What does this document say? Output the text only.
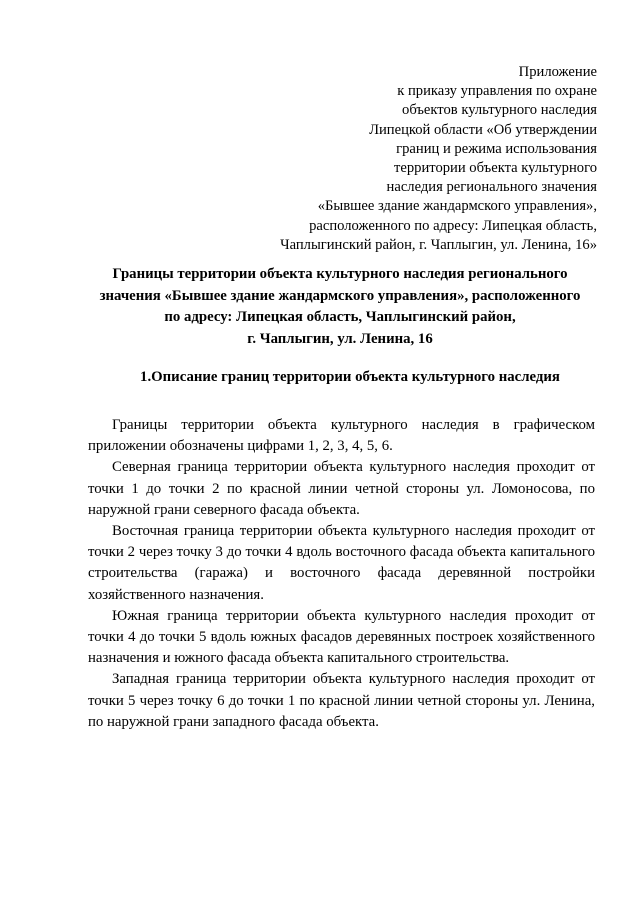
Приложение
к приказу управления по охране
объектов культурного наследия
Липецкой области «Об утверждении
границ и режима использования
территории объекта культурного
наследия регионального значения
«Бывшее здание жандармского управления»,
расположенного по адресу: Липецкая область,
Чаплыгинский район, г. Чаплыгин, ул. Ленина, 16»
Границы территории объекта культурного наследия регионального
значения «Бывшее здание жандармского управления», расположенного
по адресу: Липецкая область, Чаплыгинский район,
г. Чаплыгин, ул. Ленина, 16
1.Описание границ территории объекта культурного наследия

Границы территории объекта культурного наследия в графическом приложении обозначены цифрами 1, 2, 3, 4, 5, 6.

Северная граница территории объекта культурного наследия проходит от точки 1 до точки 2 по красной линии четной стороны ул. Ломоносова, по наружной грани северного фасада объекта.

Восточная граница территории объекта культурного наследия проходит от точки 2 через точку 3 до точки 4 вдоль восточного фасада объекта капитального строительства (гаража) и восточного фасада деревянной постройки хозяйственного назначения.

Южная граница территории объекта культурного наследия проходит от точки 4 до точки 5 вдоль южных фасадов деревянных построек хозяйственного назначения и южного фасада объекта капитального строительства.

Западная граница территории объекта культурного наследия проходит от точки 5 через точку 6 до точки 1 по красной линии четной стороны ул. Ленина, по наружной грани западного фасада объекта.
